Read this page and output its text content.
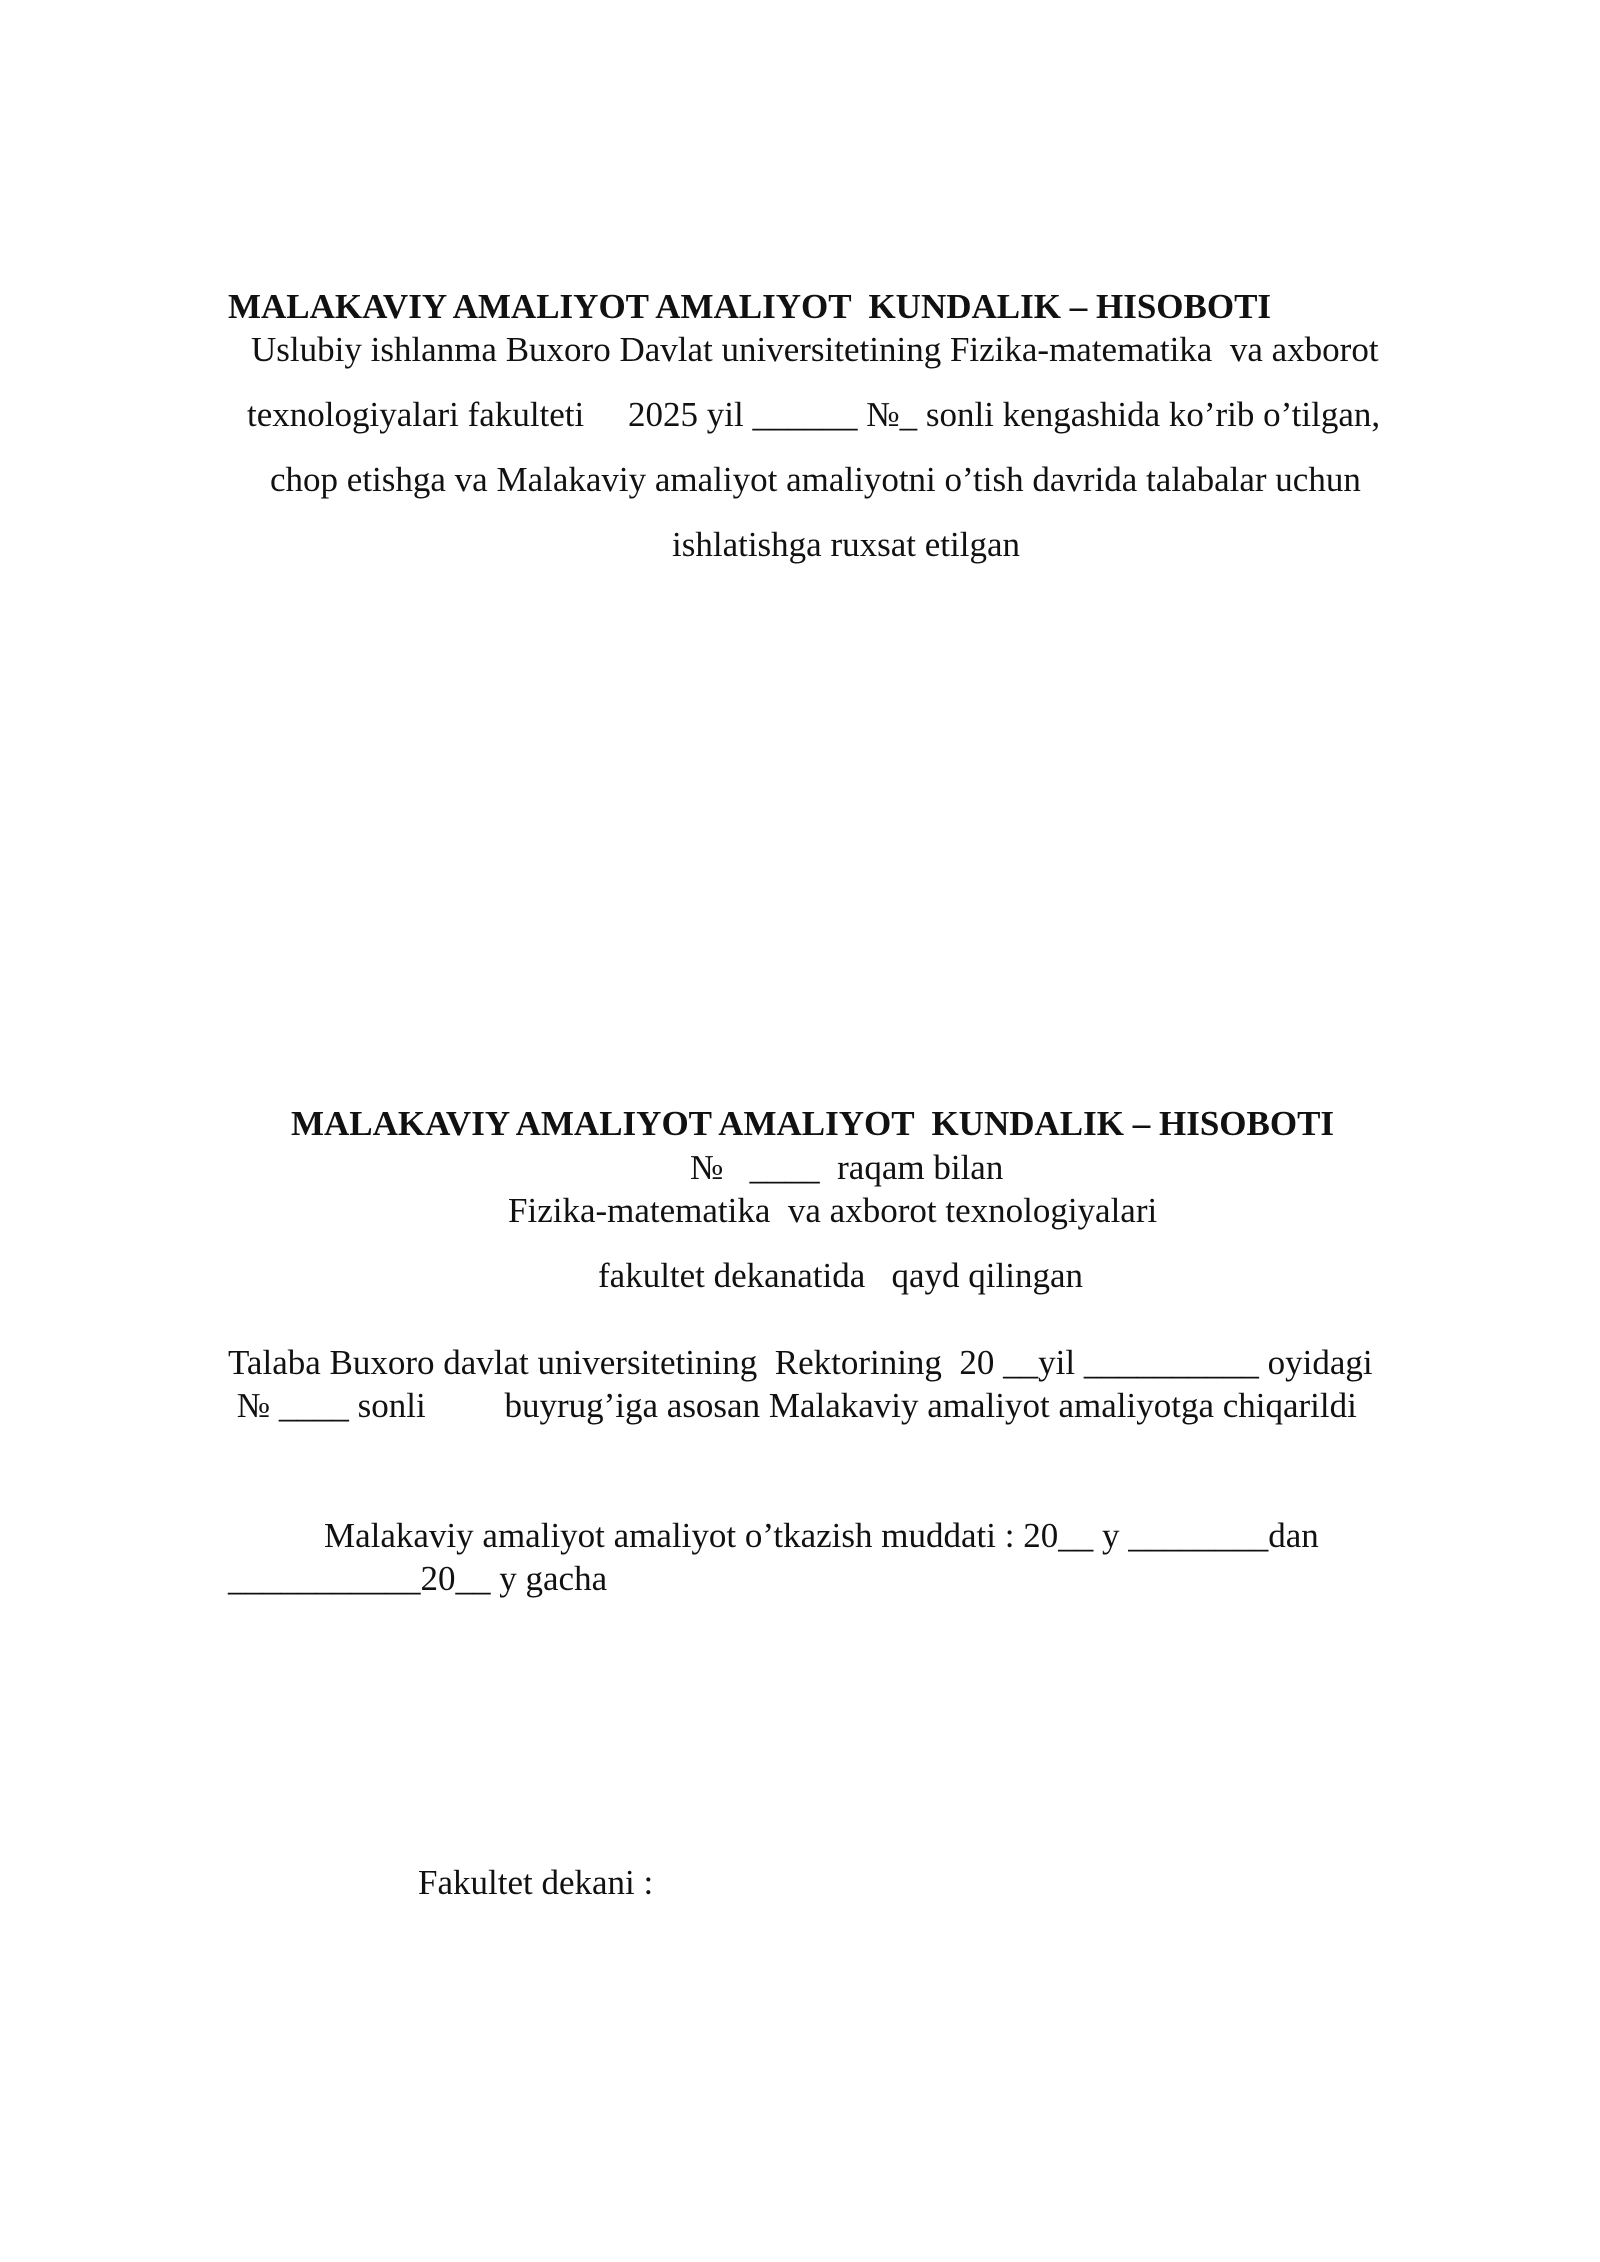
MALAKAVIY AMALIYOT AMALIYOT  KUNDALIK – HISOBOTI
Uslubiy ishlanma Buxoro Davlat universitetining Fizika-matematika  va axborot
texnologiyalari fakulteti     2025 yil ______ №_ sonli kengashida ko’rib o’tilgan,
chop etishga va Malakaviy amaliyot amaliyotni o’tish davrida talabalar uchun
ishlatishga ruxsat etilgan
MALAKAVIY AMALIYOT AMALIYOT  KUNDALIK – HISOBOTI
№   ____  raqam bilan
Fizika-matematika  va axborot texnologiyalari
fakultet dekanatida   qayd qilingan
Talaba Buxoro davlat universitetining  Rektorining  20 __yil __________ oyidagi
№ ____ sonli         buyrug’iga asosan Malakaviy amaliyot amaliyotga chiqarildi
Malakaviy amaliyot amaliyot o’tkazish muddati : 20__ y ________dan
___________20__ y gacha
Fakultet dekani :
